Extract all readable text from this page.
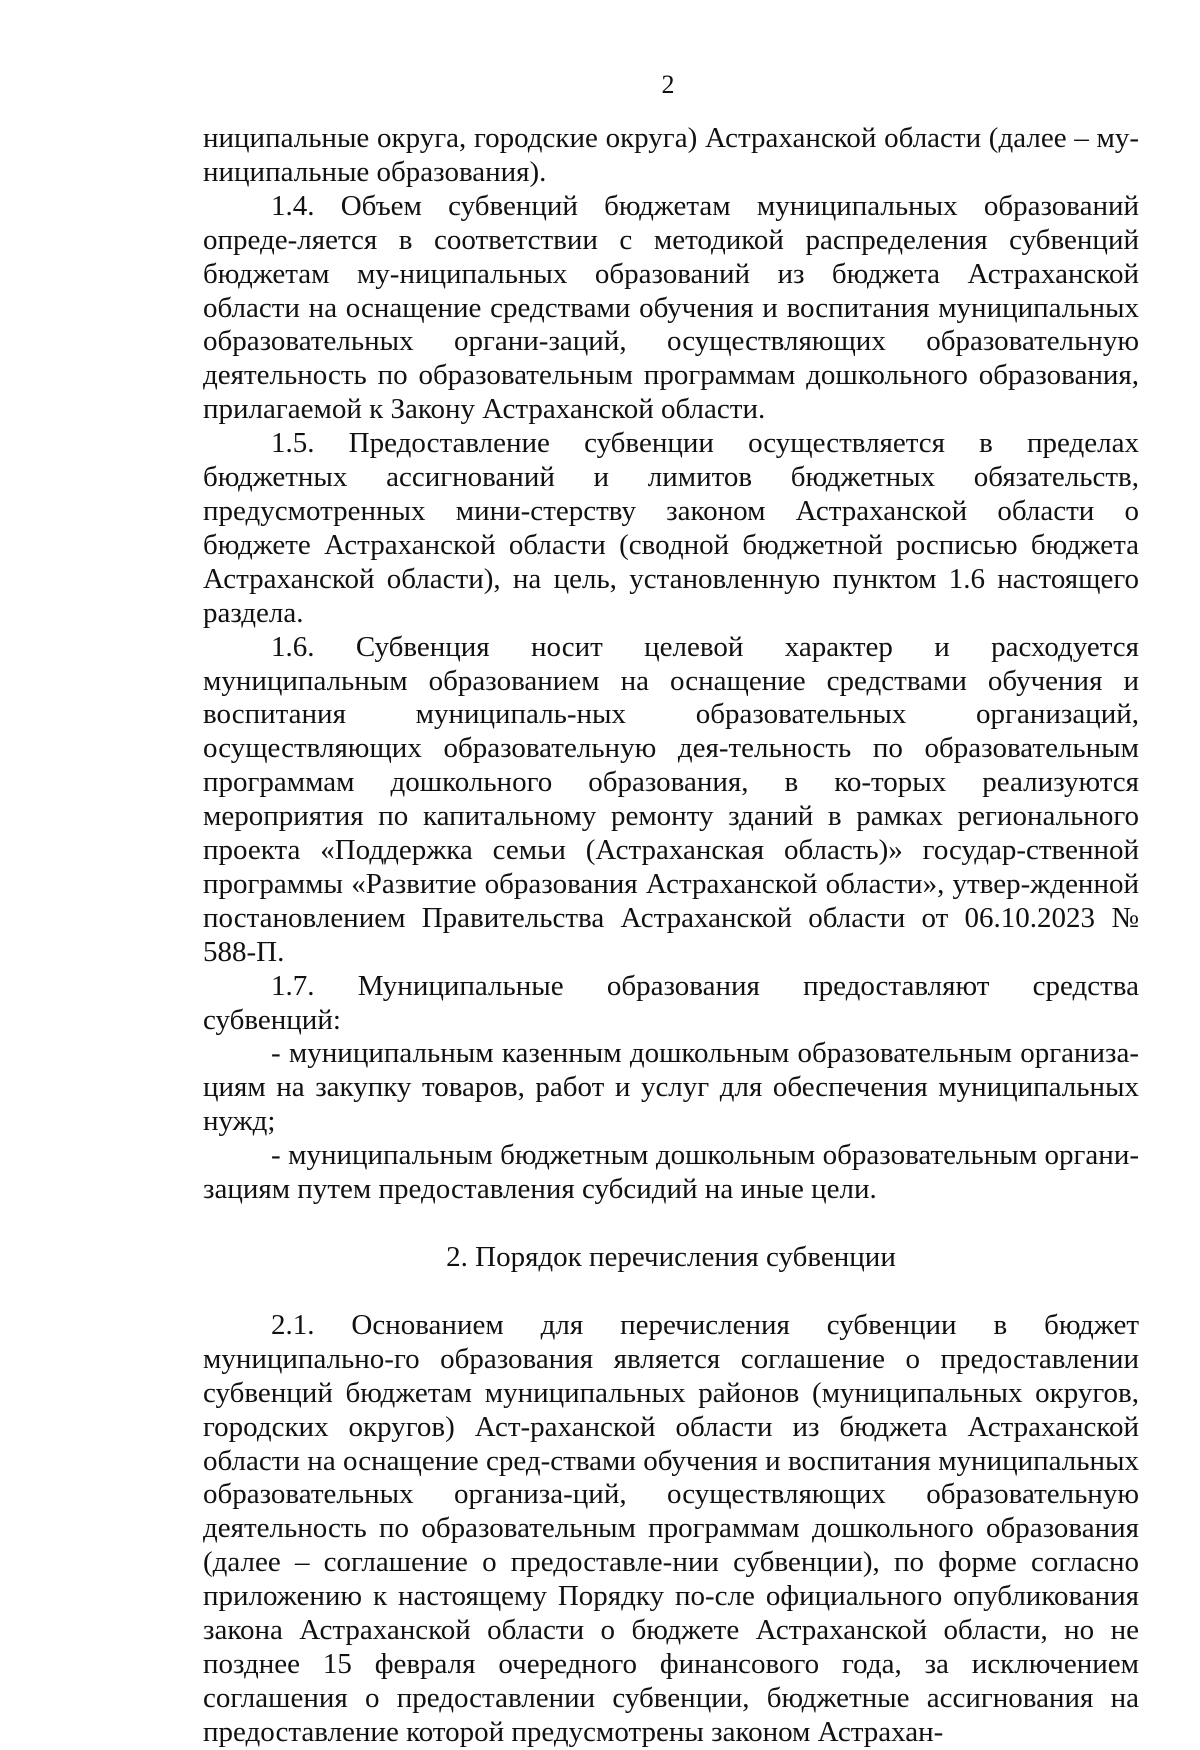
2

ниципальные округа, городские округа) Астраханской области (далее – му-ниципальные образования).

1.4. Объем субвенций бюджетам муниципальных образований опреде-ляется в соответствии с методикой распределения субвенций бюджетам му-ниципальных образований из бюджета Астраханской области на оснащение средствами обучения и воспитания муниципальных образовательных органи-заций, осуществляющих образовательную деятельность по образовательным программам дошкольного образования, прилагаемой к Закону Астраханской области.

1.5. Предоставление субвенции осуществляется в пределах бюджетных ассигнований и лимитов бюджетных обязательств, предусмотренных мини-стерству законом Астраханской области о бюджете Астраханской области (сводной бюджетной росписью бюджета Астраханской области), на цель, установленную пунктом 1.6 настоящего раздела.

1.6. Субвенция носит целевой характер и расходуется муниципальным образованием на оснащение средствами обучения и воспитания муниципаль-ных образовательных организаций, осуществляющих образовательную дея-тельность по образовательным программам дошкольного образования, в ко-торых реализуются мероприятия по капитальному ремонту зданий в рамках регионального проекта «Поддержка семьи (Астраханская область)» государ-ственной программы «Развитие образования Астраханской области», утвер-жденной постановлением Правительства Астраханской области от 06.10.2023 № 588-П.

1.7. Муниципальные образования предоставляют средства субвенций:

- муниципальным казенным дошкольным образовательным организа-циям на закупку товаров, работ и услуг для обеспечения муниципальных нужд;

- муниципальным бюджетным дошкольным образовательным органи-зациям путем предоставления субсидий на иные цели.

2. Порядок перечисления субвенции

2.1. Основанием для перечисления субвенции в бюджет муниципально-го образования является соглашение о предоставлении субвенций бюджетам муниципальных районов (муниципальных округов, городских округов) Аст-раханской области из бюджета Астраханской области на оснащение сред-ствами обучения и воспитания муниципальных образовательных организа-ций, осуществляющих образовательную деятельность по образовательным программам дошкольного образования (далее – соглашение о предоставле-нии субвенции), по форме согласно приложению к настоящему Порядку по-сле официального опубликования закона Астраханской области о бюджете Астраханской области, но не позднее 15 февраля очередного финансового года, за исключением соглашения о предоставлении субвенции, бюджетные ассигнования на предоставление которой предусмотрены законом Астрахан-
